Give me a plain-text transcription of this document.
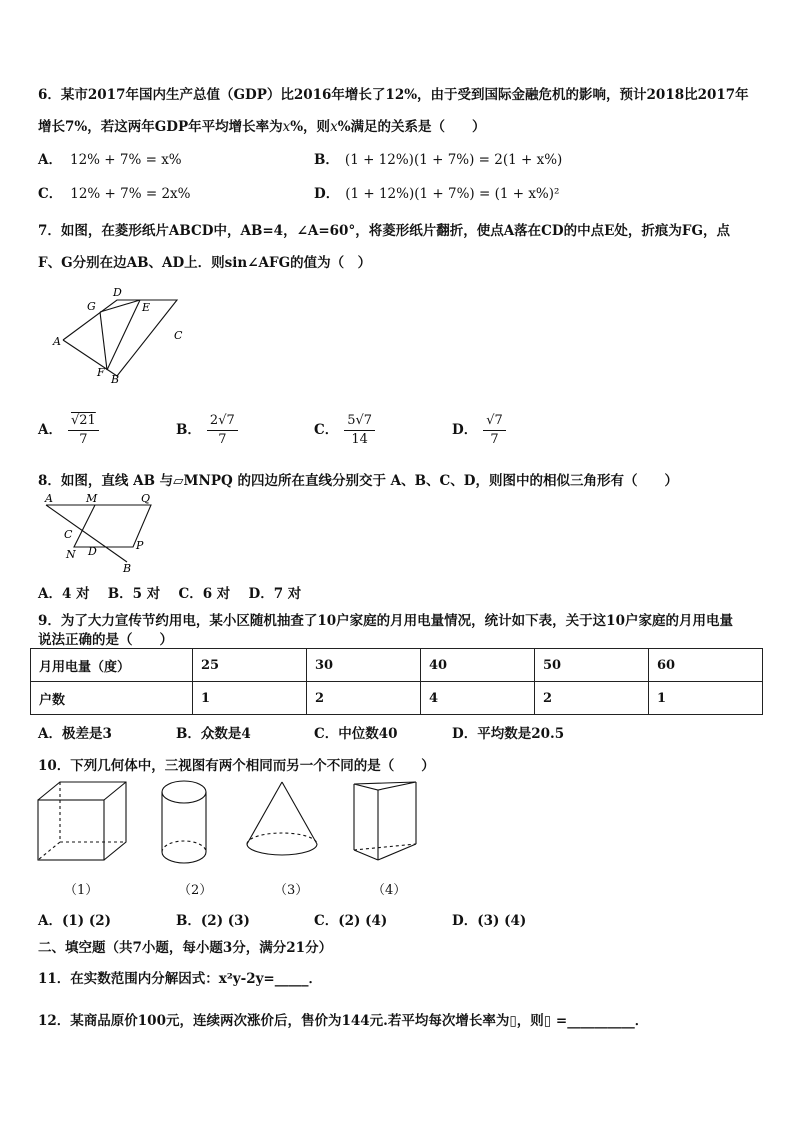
6．某市2017年国内生产总值（GDP）比2016年增长了12%，由于受到国际金融危机的影响，预计2018比2017年
增长7%，若这两年GDP年平均增长率为x%，则x%满足的关系是（　　）
A． 12% + 7% = x%	B． (1 + 12%)(1 + 7%) = 2(1 + x%)
C． 12% + 7% = 2x%	D． (1 + 12%)(1 + 7%) = (1 + x%)²
7．如图，在菱形纸片ABCD中，AB=4，∠A=60°，将菱形纸片翻折，使点A落在CD的中点E处，折痕为FG，点
F、G分别在边AB、AD上．则sin∠AFG的值为（　）
A
G
D
E
C
F
B
A． $\frac{√21}{7}$	B． $\frac{2√7}{7}$	C． $\frac{5√7}{14}$	D． $\frac{√7}{7}$
8．如图，直线 AB 与▱MNPQ 的四边所在直线分别交于 A、B、C、D，则图中的相似三角形有（　　）
A	M	Q
C
N D	P
B
A．4 对　 B．5 对　 C．6 对　 D．7 对
9．为了大力宣传节约用电，某小区随机抽查了10户家庭的月用电量情况，统计如下表，关于这10户家庭的月用电量
说法正确的是（　　）
月用电量（度）	25	30	40	50	60
户数	1	2	4	2	1
A．极差是3	B．众数是4	C．中位数40	D．平均数是20.5
10．下列几何体中，三视图有两个相同而另一个不同的是（　　）
（1）	（2）	（3）	（4）
A．(1) (2)	B．(2) (3)	C．(2) (4)	D．(3) (4)
二、填空题（共7小题，每小题3分，满分21分）
11．在实数范围内分解因式：x²y-2y=_____．
12．某商品原价100元，连续两次涨价后，售价为144元.若平均每次增长率为▯，则▯ =__________．
